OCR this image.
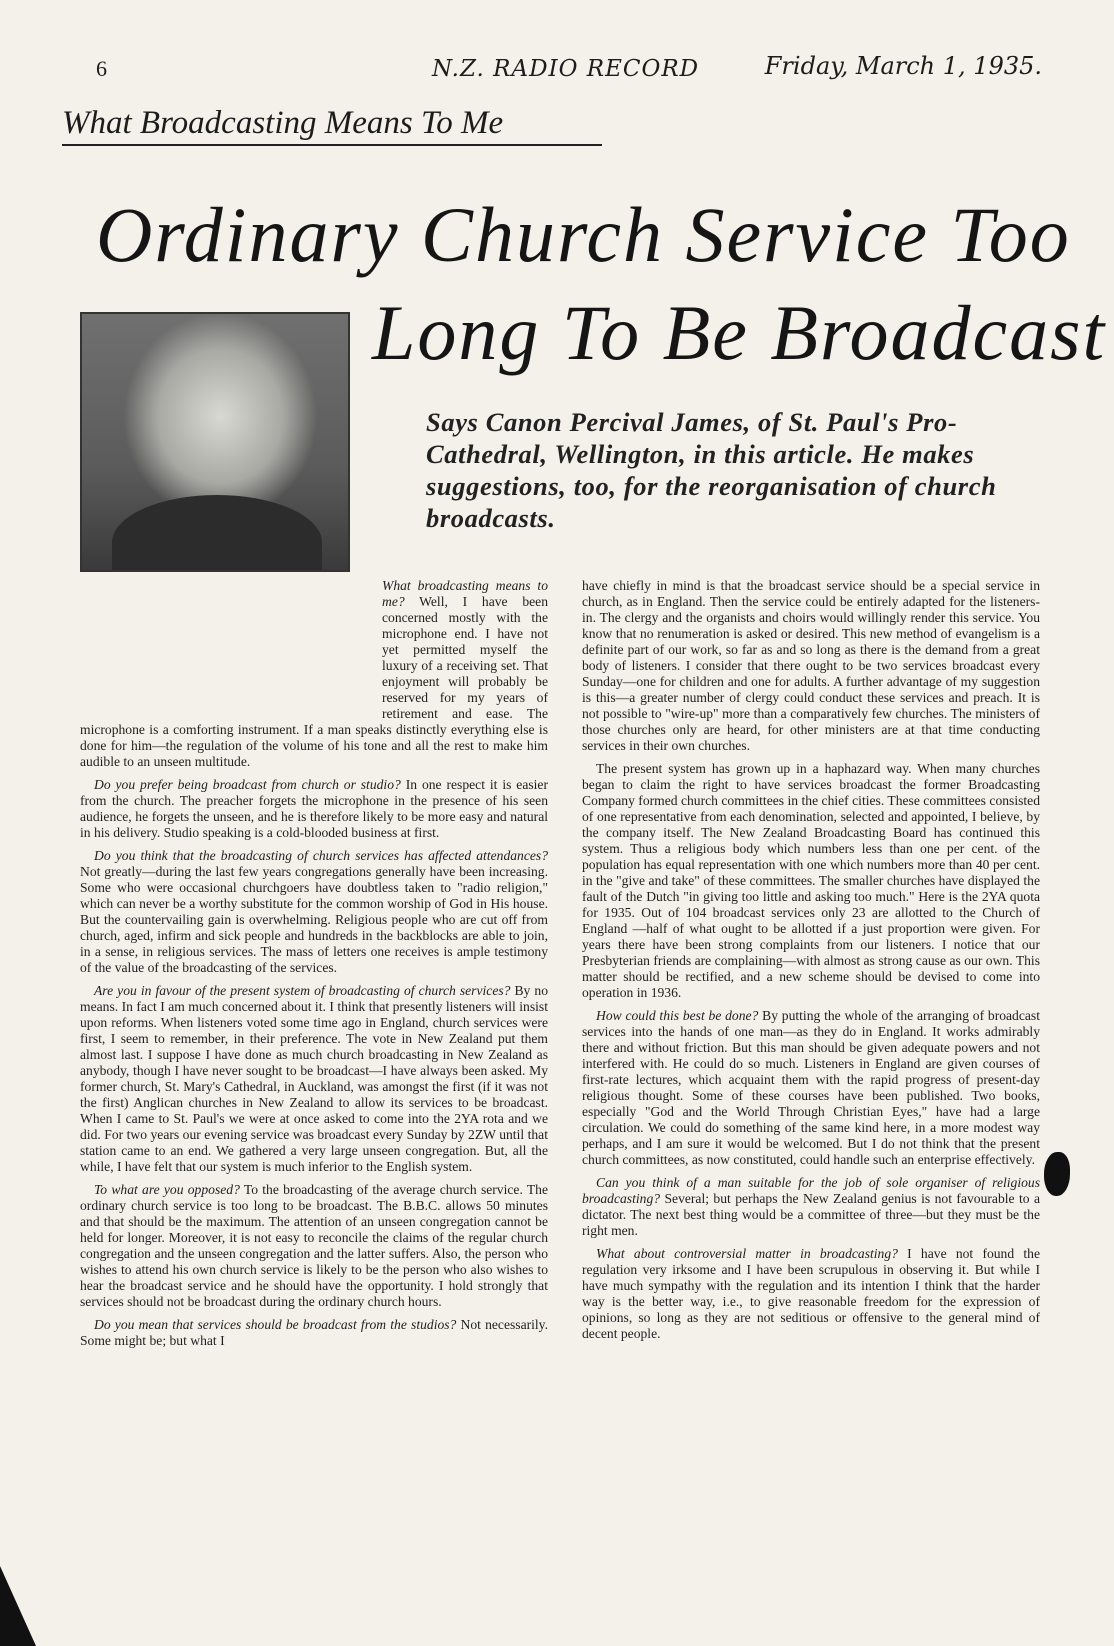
6	N.Z. RADIO RECORD	Friday, March 1, 1935.
What Broadcasting Means To Me
Ordinary Church Service Too
Long To Be Broadcast
Says Canon Percival James, of St. Paul's Pro-Cathedral, Wellington, in this article. He makes suggestions, too, for the reorganisation of church broadcasts.

What broadcasting means to me? Well, I have been concerned mostly with the microphone end. I have not yet permitted myself the luxury of a receiving set. That enjoyment will probably be reserved for my years of retirement and ease. The microphone is a comforting instrument. If a man speaks distinctly everything else is done for him—the regulation of the volume of his tone and all the rest to make him audible to an unseen multitude.

Do you prefer being broadcast from church or studio? In one respect it is easier from the church. The preacher forgets the microphone in the presence of his seen audience, he forgets the unseen, and he is therefore likely to be more easy and natural in his delivery. Studio speaking is a cold-blooded business at first.

Do you think that the broadcasting of church services has affected attendances? Not greatly—during the last few years congregations generally have been increasing. Some who were occasional churchgoers have doubtless taken to "radio religion," which can never be a worthy substitute for the common worship of God in His house. But the countervailing gain is overwhelming. Religious people who are cut off from church, aged, infirm and sick people and hundreds in the backblocks are able to join, in a sense, in religious services. The mass of letters one receives is ample testimony of the value of the broadcasting of the services.

Are you in favour of the present system of broadcasting of church services? By no means. In fact I am much concerned about it. I think that presently listeners will insist upon reforms. When listeners voted some time ago in England, church services were first, I seem to remember, in their preference. The vote in New Zealand put them almost last. I suppose I have done as much church broadcasting in New Zealand as anybody, though I have never sought to be broadcast—I have always been asked. My former church, St. Mary's Cathedral, in Auckland, was amongst the first (if it was not the first) Anglican churches in New Zealand to allow its services to be broadcast. When I came to St. Paul's we were at once asked to come into the 2YA rota and we did. For two years our evening service was broadcast every Sunday by 2ZW until that station came to an end. We gathered a very large unseen congregation. But, all the while, I have felt that our system is much inferior to the English system.

To what are you opposed? To the broadcasting of the average church service. The ordinary church service is too long to be broadcast. The B.B.C. allows 50 minutes and that should be the maximum. The attention of an unseen congregation cannot be held for longer. Moreover, it is not easy to reconcile the claims of the regular church congregation and the unseen congregation and the latter suffers. Also, the person who wishes to attend his own church service is likely to be the person who also wishes to hear the broadcast service and he should have the opportunity. I hold strongly that services should not be broadcast during the ordinary church hours.

Do you mean that services should be broadcast from the studios? Not necessarily. Some might be; but what I

have chiefly in mind is that the broadcast service should be a special service in church, as in England. Then the service could be entirely adapted for the listeners-in. The clergy and the organists and choirs would willingly render this service. You know that no renumeration is asked or desired. This new method of evangelism is a definite part of our work, so far as and so long as there is the demand from a great body of listeners. I consider that there ought to be two services broadcast every Sunday—one for children and one for adults. A further advantage of my suggestion is this—a greater number of clergy could conduct these services and preach. It is not possible to "wire-up" more than a comparatively few churches. The ministers of those churches only are heard, for other ministers are at that time conducting services in their own churches.

The present system has grown up in a haphazard way. When many churches began to claim the right to have services broadcast the former Broadcasting Company formed church committees in the chief cities. These committees consisted of one representative from each denomination, selected and appointed, I believe, by the company itself. The New Zealand Broadcasting Board has continued this system. Thus a religious body which numbers less than one per cent. of the population has equal representation with one which numbers more than 40 per cent. in the "give and take" of these committees. The smaller churches have displayed the fault of the Dutch "in giving too little and asking too much." Here is the 2YA quota for 1935. Out of 104 broadcast services only 23 are allotted to the Church of England —half of what ought to be allotted if a just proportion were given. For years there have been strong complaints from our listeners. I notice that our Presbyterian friends are complaining—with almost as strong cause as our own. This matter should be rectified, and a new scheme should be devised to come into operation in 1936.

How could this best be done? By putting the whole of the arranging of broadcast services into the hands of one man—as they do in England. It works admirably there and without friction. But this man should be given adequate powers and not interfered with. He could do so much. Listeners in England are given courses of first-rate lectures, which acquaint them with the rapid progress of present-day religious thought. Some of these courses have been published. Two books, especially "God and the World Through Christian Eyes," have had a large circulation. We could do something of the same kind here, in a more modest way perhaps, and I am sure it would be welcomed. But I do not think that the present church committees, as now constituted, could handle such an enterprise effectively.

Can you think of a man suitable for the job of sole organiser of religious broadcasting? Several; but perhaps the New Zealand genius is not favourable to a dictator. The next best thing would be a committee of three—but they must be the right men.

What about controversial matter in broadcasting? I have not found the regulation very irksome and I have been scrupulous in observing it. But while I have much sympathy with the regulation and its intention I think that the harder way is the better way, i.e., to give reasonable freedom for the expression of opinions, so long as they are not seditious or offensive to the general mind of decent people.
